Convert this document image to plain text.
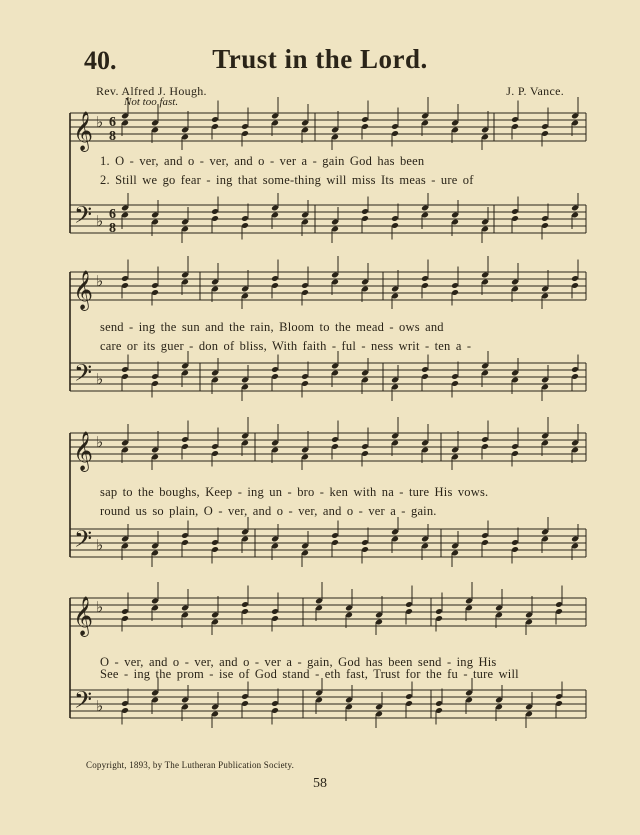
40.	Trust in the Lord.
Rev. Alfred J. Hough.	J. P. Vance.
Not too fast.
𝄞
𝄢
♭
♭
6
8
6
8
𝄞
𝄢
♭
♭
𝄞
𝄢
♭
♭
𝄞
𝄢
♭
♭
1. O - ver, and o - ver, and o - ver a - gain God has been
2. Still we go fear - ing that some-thing will miss Its meas - ure of
send - ing the sun and the rain, Bloom to the mead - ows and
care or its guer - don of bliss, With faith - ful - ness writ - ten a -
sap to the boughs, Keep - ing un - bro - ken with na - ture His vows.
round us so plain, O - ver, and o - ver, and o - ver a - gain.
O - ver, and o - ver, and o - ver a - gain, God has been send - ing His
See - ing the prom - ise of God stand - eth fast, Trust for the fu - ture will
Copyright, 1893, by The Lutheran Publication Society.
58
